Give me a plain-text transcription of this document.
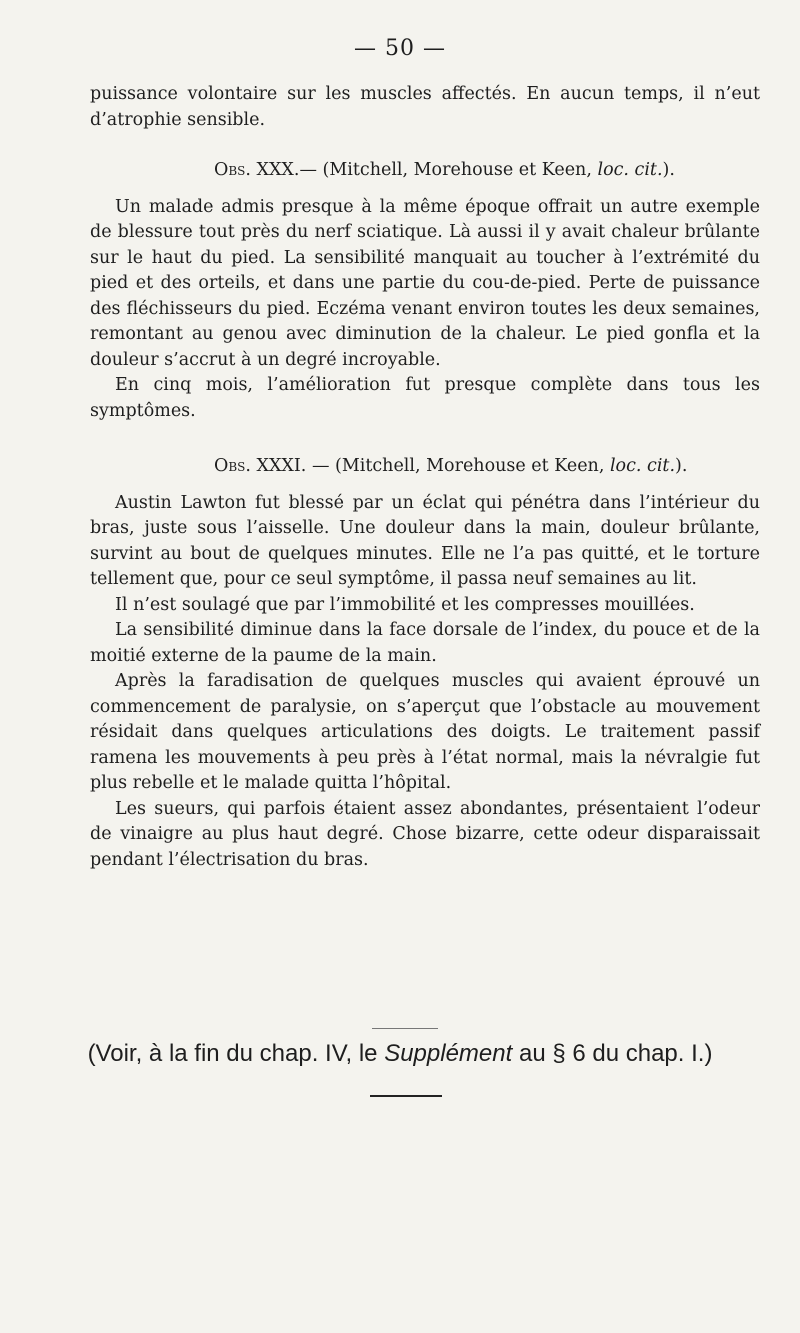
— 50 —

puissance volontaire sur les muscles affectés. En aucun temps, il n’eut d’atrophie sensible.

Obs. XXX.— (Mitchell, Morehouse et Keen, loc. cit.).

Un malade admis presque à la même époque offrait un autre exemple de blessure tout près du nerf sciatique. Là aussi il y avait chaleur brûlante sur le haut du pied. La sensibilité manquait au toucher à l’extrémité du pied et des orteils, et dans une partie du cou-de-pied. Perte de puissance des fléchisseurs du pied. Eczéma venant environ toutes les deux semaines, remontant au genou avec diminution de la chaleur. Le pied gonfla et la douleur s’accrut à un degré incroyable.

En cinq mois, l’amélioration fut presque complète dans tous les symptômes.

Obs. XXXI. — (Mitchell, Morehouse et Keen, loc. cit.).

Austin Lawton fut blessé par un éclat qui pénétra dans l’intérieur du bras, juste sous l’aisselle. Une douleur dans la main, douleur brûlante, survint au bout de quelques minutes. Elle ne l’a pas quitté, et le torture tellement que, pour ce seul symptôme, il passa neuf semaines au lit.

Il n’est soulagé que par l’immobilité et les compresses mouillées.

La sensibilité diminue dans la face dorsale de l’index, du pouce et de la moitié externe de la paume de la main.

Après la faradisation de quelques muscles qui avaient éprouvé un commencement de paralysie, on s’aperçut que l’obstacle au mouvement résidait dans quelques articulations des doigts. Le traitement passif ramena les mouvements à peu près à l’état normal, mais la névralgie fut plus rebelle et le malade quitta l’hôpital.

Les sueurs, qui parfois étaient assez abondantes, présentaient l’odeur de vinaigre au plus haut degré. Chose bizarre, cette odeur disparaissait pendant l’électrisation du bras.

(Voir, à la fin du chap. IV, le Supplément au § 6 du chap. I.)
